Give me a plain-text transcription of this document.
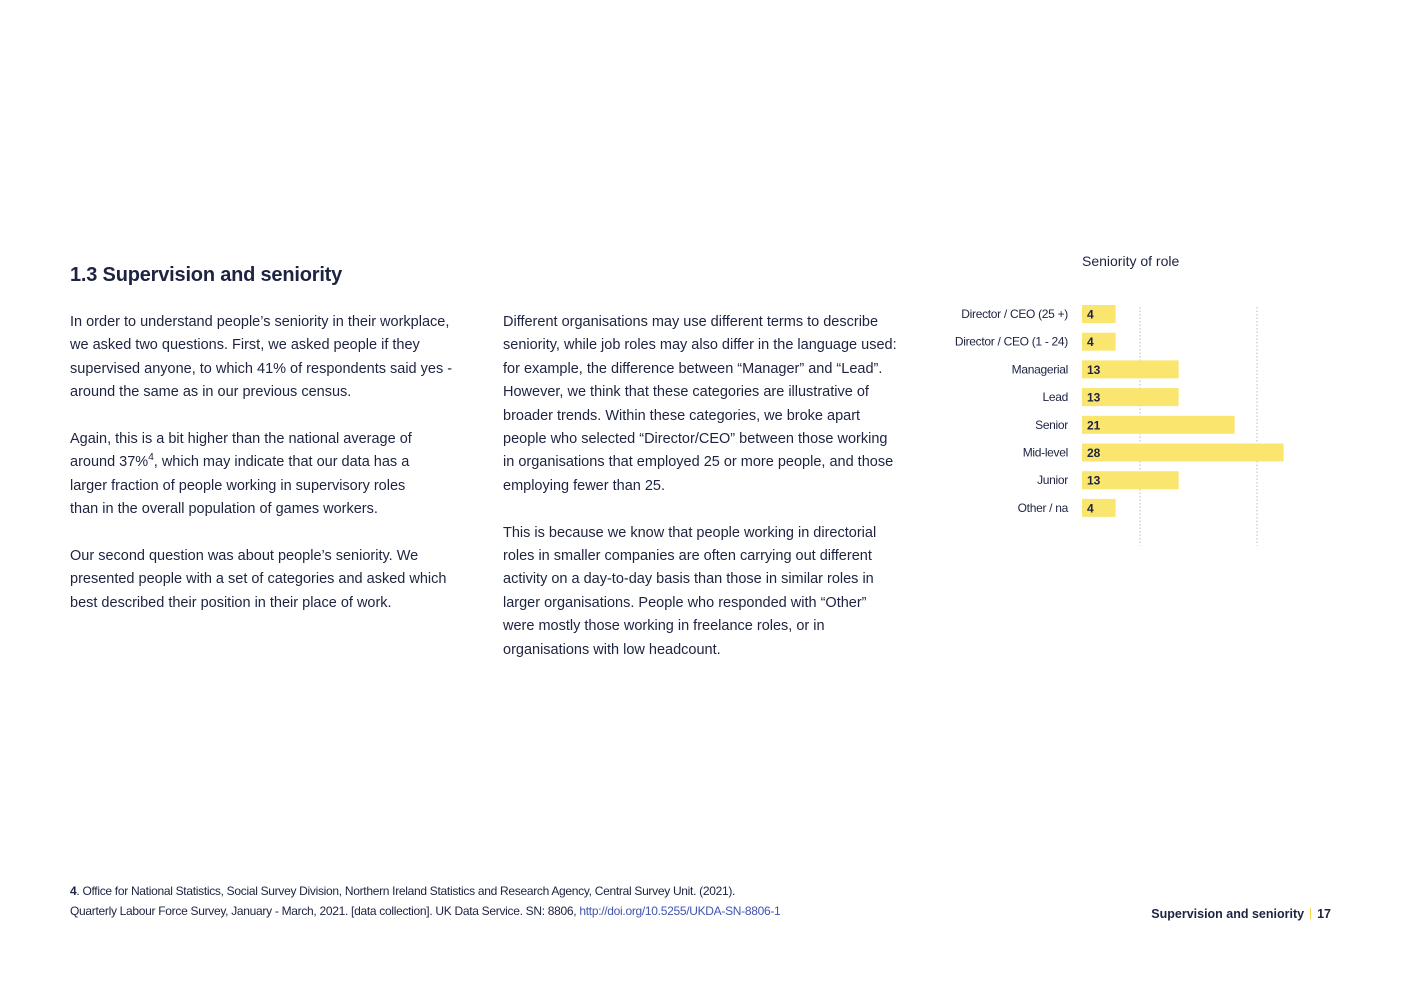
1.3 Supervision and seniority

In order to understand people’s seniority in their workplace, we asked two questions. First, we asked people if they supervised anyone, to which 41% of respondents said yes - around the same as in our previous census.

Again, this is a bit higher than the national average of around 37%$^4$, which may indicate that our data has a larger fraction of people working in supervisory roles than in the overall population of games workers.

Our second question was about people’s seniority. We presented people with a set of categories and asked which best described their position in their place of work.

Different organisations may use different terms to describe seniority, while job roles may also differ in the language used: for example, the difference between “Manager” and “Lead”. However, we think that these categories are illustrative of broader trends. Within these categories, we broke apart people who selected “Director/CEO” between those working in organisations that employed 25 or more people, and those employing fewer than 25.

This is because we know that people working in directorial roles in smaller companies are often carrying out different activity on a day-to-day basis than those in similar roles in larger organisations. People who responded with “Other” were mostly those working in freelance roles, or in organisations with low headcount.

Seniority of role
Director / CEO (25 +) 4
Director / CEO (1 - 24) 4
Managerial 13
Lead 13
Senior 21
Mid-level 28
Junior 13
Other / na 4
4. Office for National Statistics, Social Survey Division, Northern Ireland Statistics and Research Agency, Central Survey Unit. (2021).
Quarterly Labour Force Survey, January - March, 2021. [data collection]. UK Data Service. SN: 8806, http://doi.org/10.5255/UKDA-SN-8806-1	Supervision and seniority 17
